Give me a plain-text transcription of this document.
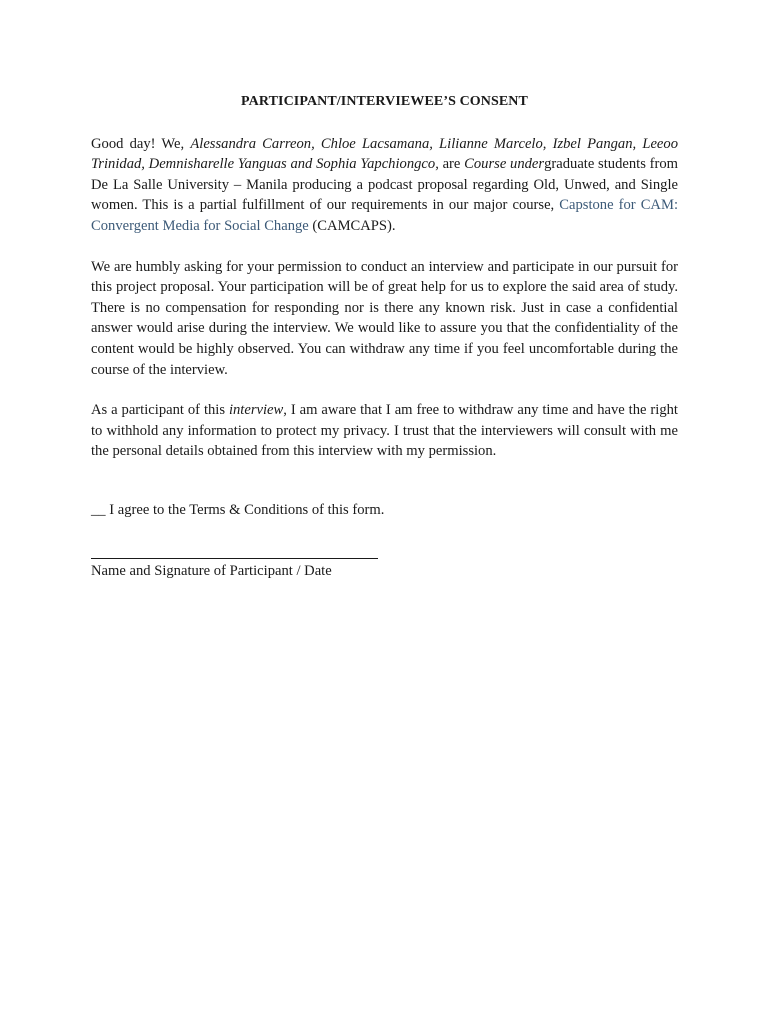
PARTICIPANT/INTERVIEWEE’S CONSENT

Good day! We, Alessandra Carreon, Chloe Lacsamana, Lilianne Marcelo, Izbel Pangan, Leeoo Trinidad, Demnisharelle Yanguas and Sophia Yapchiongco, are Course undergraduate students from De La Salle University – Manila producing a podcast proposal regarding Old, Unwed, and Single women. This is a partial fulfillment of our requirements in our major course, Capstone for CAM: Convergent Media for Social Change (CAMCAPS).

We are humbly asking for your permission to conduct an interview and participate in our pursuit for this project proposal. Your participation will be of great help for us to explore the said area of study. There is no compensation for responding nor is there any known risk. Just in case a confidential answer would arise during the interview. We would like to assure you that the confidentiality of the content would be highly observed. You can withdraw any time if you feel uncomfortable during the course of the interview.

As a participant of this interview, I am aware that I am free to withdraw any time and have the right to withhold any information to protect my privacy. I trust that the interviewers will consult with me the personal details obtained from this interview with my permission.

__ I agree to the Terms & Conditions of this form.

Name and Signature of Participant / Date
